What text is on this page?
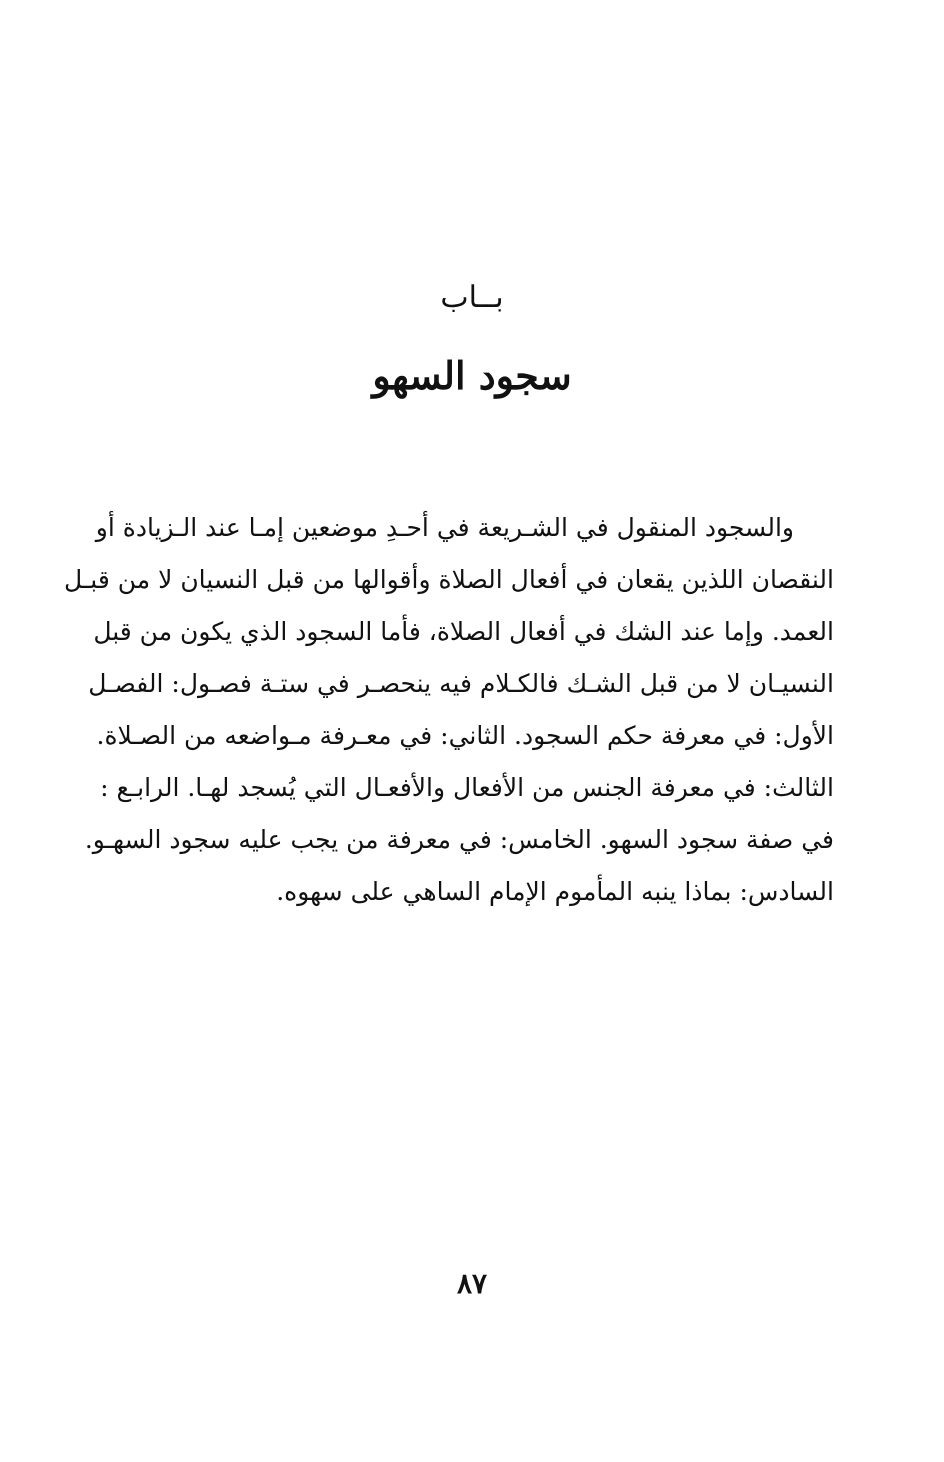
بــاب
سجود السهو
والسجود المنقول في الشـريعة في أحـدِ موضعين إمـا عند الـزيادة أو
النقصان اللذين يقعان في أفعال الصلاة وأقوالها من قبل النسيان لا من قبـل
العمد. وإما عند الشك في أفعال الصلاة، فأما السجود الذي يكون من قبل
النسيـان لا من قبل الشـك فالكـلام فيه ينحصـر في ستـة فصـول: الفصـل
الأول: في معرفة حكم السجود. الثاني: في معـرفة مـواضعه من الصـلاة.
الثالث: في معرفة الجنس من الأفعال والأفعـال التي يُسجد لهـا. الرابـع :
في صفة سجود السهو. الخامس: في معرفة من يجب عليه سجود السهـو.
السادس: بماذا ينبه المأموم الإمام الساهي على سهوه.
٨٧
